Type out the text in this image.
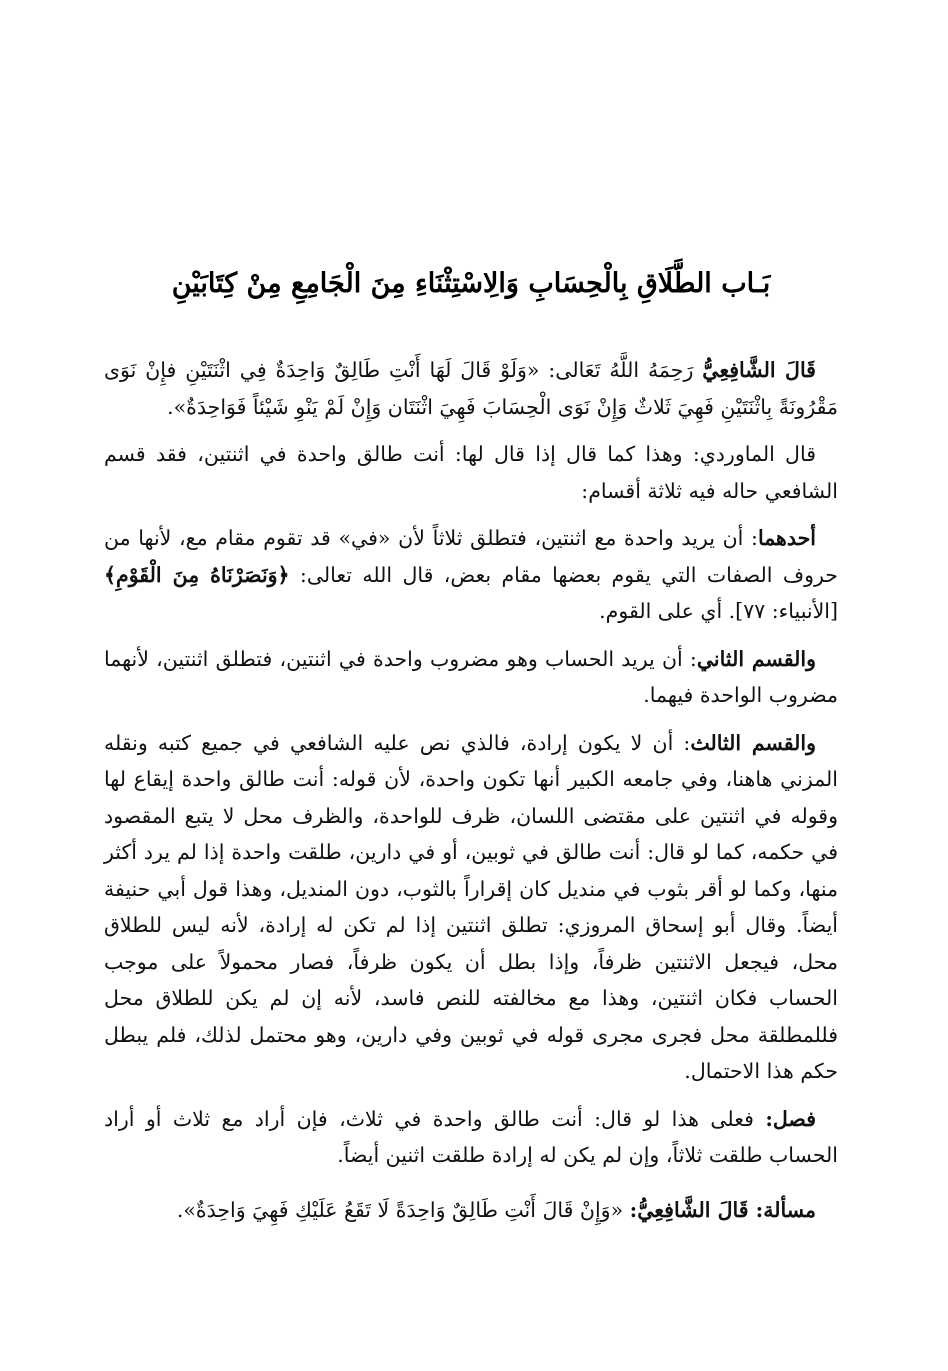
بَـاب الطَّلَاقِ بِالْحِسَابِ وَالِاسْتِثْنَاءِ مِنَ الْجَامِعِ مِنْ كِتَابَيْنِ

قَالَ الشَّافِعِيُّ رَحِمَهُ اللَّهُ تَعَالى: «وَلَوْ قَالَ لَهَا أَنْتِ طَالِقٌ وَاحِدَةٌ فِي اثْنَتَيْنِ فإِنْ نَوَى مَقْرُونَةً بِاثْنَتَيْنِ فَهِيَ ثَلاثٌ وَإِنْ نَوَى الْحِسَابَ فَهِيَ اثْنَتَان وَإِنْ لَمْ يَنْوِ شَيْئاً فَوَاحِدَةٌ».

قال الماوردي: وهذا كما قال إذا قال لها: أنت طالق واحدة في اثنتين، فقد قسم الشافعي حاله فيه ثلاثة أقسام:

أحدهما: أن يريد واحدة مع اثنتين، فتطلق ثلاثاً لأن «في» قد تقوم مقام مع، لأنها من حروف الصفات التي يقوم بعضها مقام بعض، قال الله تعالى: ﴿وَنَصَرْنَاهُ مِنَ الْقَوْمِ﴾ [الأنبياء: ٧٧]. أي على القوم.

والقسم الثاني: أن يريد الحساب وهو مضروب واحدة في اثنتين، فتطلق اثنتين، لأنهما مضروب الواحدة فيهما.

والقسم الثالث: أن لا يكون إرادة، فالذي نص عليه الشافعي في جميع كتبه ونقله المزني هاهنا، وفي جامعه الكبير أنها تكون واحدة، لأن قوله: أنت طالق واحدة إيقاع لها وقوله في اثنتين على مقتضى اللسان، ظرف للواحدة، والظرف محل لا يتبع المقصود في حكمه، كما لو قال: أنت طالق في ثوبين، أو في دارين، طلقت واحدة إذا لم يرد أكثر منها، وكما لو أقر بثوب في منديل كان إقراراً بالثوب، دون المنديل، وهذا قول أبي حنيفة أيضاً. وقال أبو إسحاق المروزي: تطلق اثنتين إذا لم تكن له إرادة، لأنه ليس للطلاق محل، فيجعل الاثنتين ظرفاً، وإذا بطل أن يكون ظرفاً، فصار محمولاً على موجب الحساب فكان اثنتين، وهذا مع مخالفته للنص فاسد، لأنه إن لم يكن للطلاق محل فللمطلقة محل فجرى مجرى قوله في ثوبين وفي دارين، وهو محتمل لذلك، فلم يبطل حكم هذا الاحتمال.

فصل: فعلى هذا لو قال: أنت طالق واحدة في ثلاث، فإن أراد مع ثلاث أو أراد الحساب طلقت ثلاثاً، وإن لم يكن له إرادة طلقت اثنين أيضاً.

مسألة: قَالَ الشَّافِعِيُّ: «وَإِنْ قَالَ أَنْتِ طَالِقٌ وَاحِدَةً لَا تَقَعُ عَلَيْكِ فَهِيَ وَاحِدَةٌ».
